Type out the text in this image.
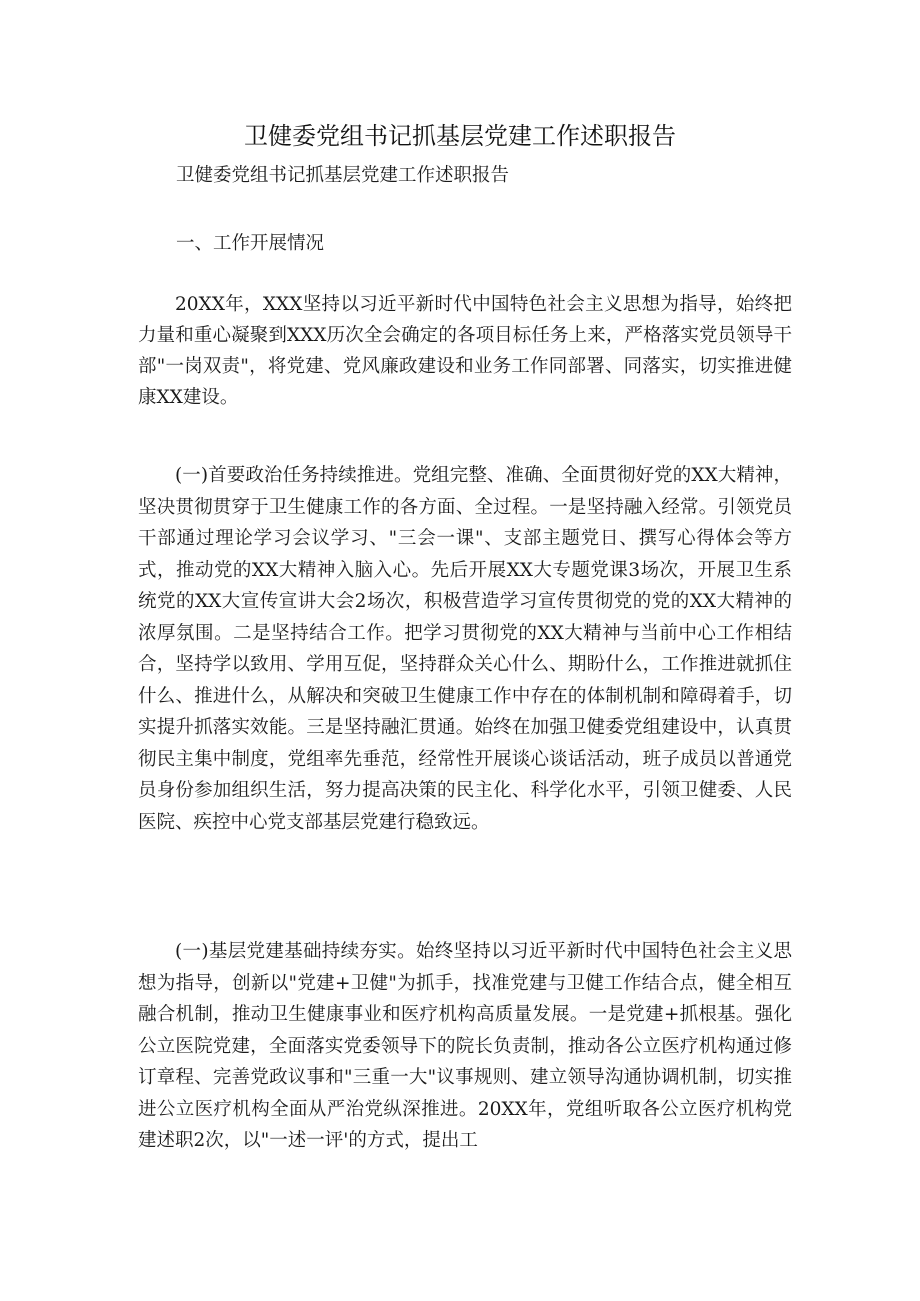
卫健委党组书记抓基层党建工作述职报告
卫健委党组书记抓基层党建工作述职报告
一、工作开展情况
20XX年，XXX坚持以习近平新时代中国特色社会主义思想为指导，始终把力量和重心凝聚到XXX历次全会确定的各项目标任务上来，严格落实党员领导干部"一岗双责"，将党建、党风廉政建设和业务工作同部署、同落实，切实推进健康XX建设。
(一)首要政治任务持续推进。党组完整、准确、全面贯彻好党的XX大精神，坚决贯彻贯穿于卫生健康工作的各方面、全过程。一是坚持融入经常。引领党员干部通过理论学习会议学习、"三会一课"、支部主题党日、撰写心得体会等方式，推动党的XX大精神入脑入心。先后开展XX大专题党课3场次，开展卫生系统党的XX大宣传宣讲大会2场次，积极营造学习宣传贯彻党的党的XX大精神的浓厚氛围。二是坚持结合工作。把学习贯彻党的XX大精神与当前中心工作相结合，坚持学以致用、学用互促，坚持群众关心什么、期盼什么，工作推进就抓住什么、推进什么，从解决和突破卫生健康工作中存在的体制机制和障碍着手，切实提升抓落实效能。三是坚持融汇贯通。始终在加强卫健委党组建设中，认真贯彻民主集中制度，党组率先垂范，经常性开展谈心谈话活动，班子成员以普通党员身份参加组织生活，努力提高决策的民主化、科学化水平，引领卫健委、人民医院、疾控中心党支部基层党建行稳致远。
(一)基层党建基础持续夯实。始终坚持以习近平新时代中国特色社会主义思想为指导，创新以"党建+卫健"为抓手，找准党建与卫健工作结合点，健全相互融合机制，推动卫生健康事业和医疗机构高质量发展。一是党建+抓根基。强化公立医院党建，全面落实党委领导下的院长负责制，推动各公立医疗机构通过修订章程、完善党政议事和"三重一大"议事规则、建立领导沟通协调机制，切实推进公立医疗机构全面从严治党纵深推进。20XX年，党组听取各公立医疗机构党建述职2次，以"一述一评'的方式，提出工
